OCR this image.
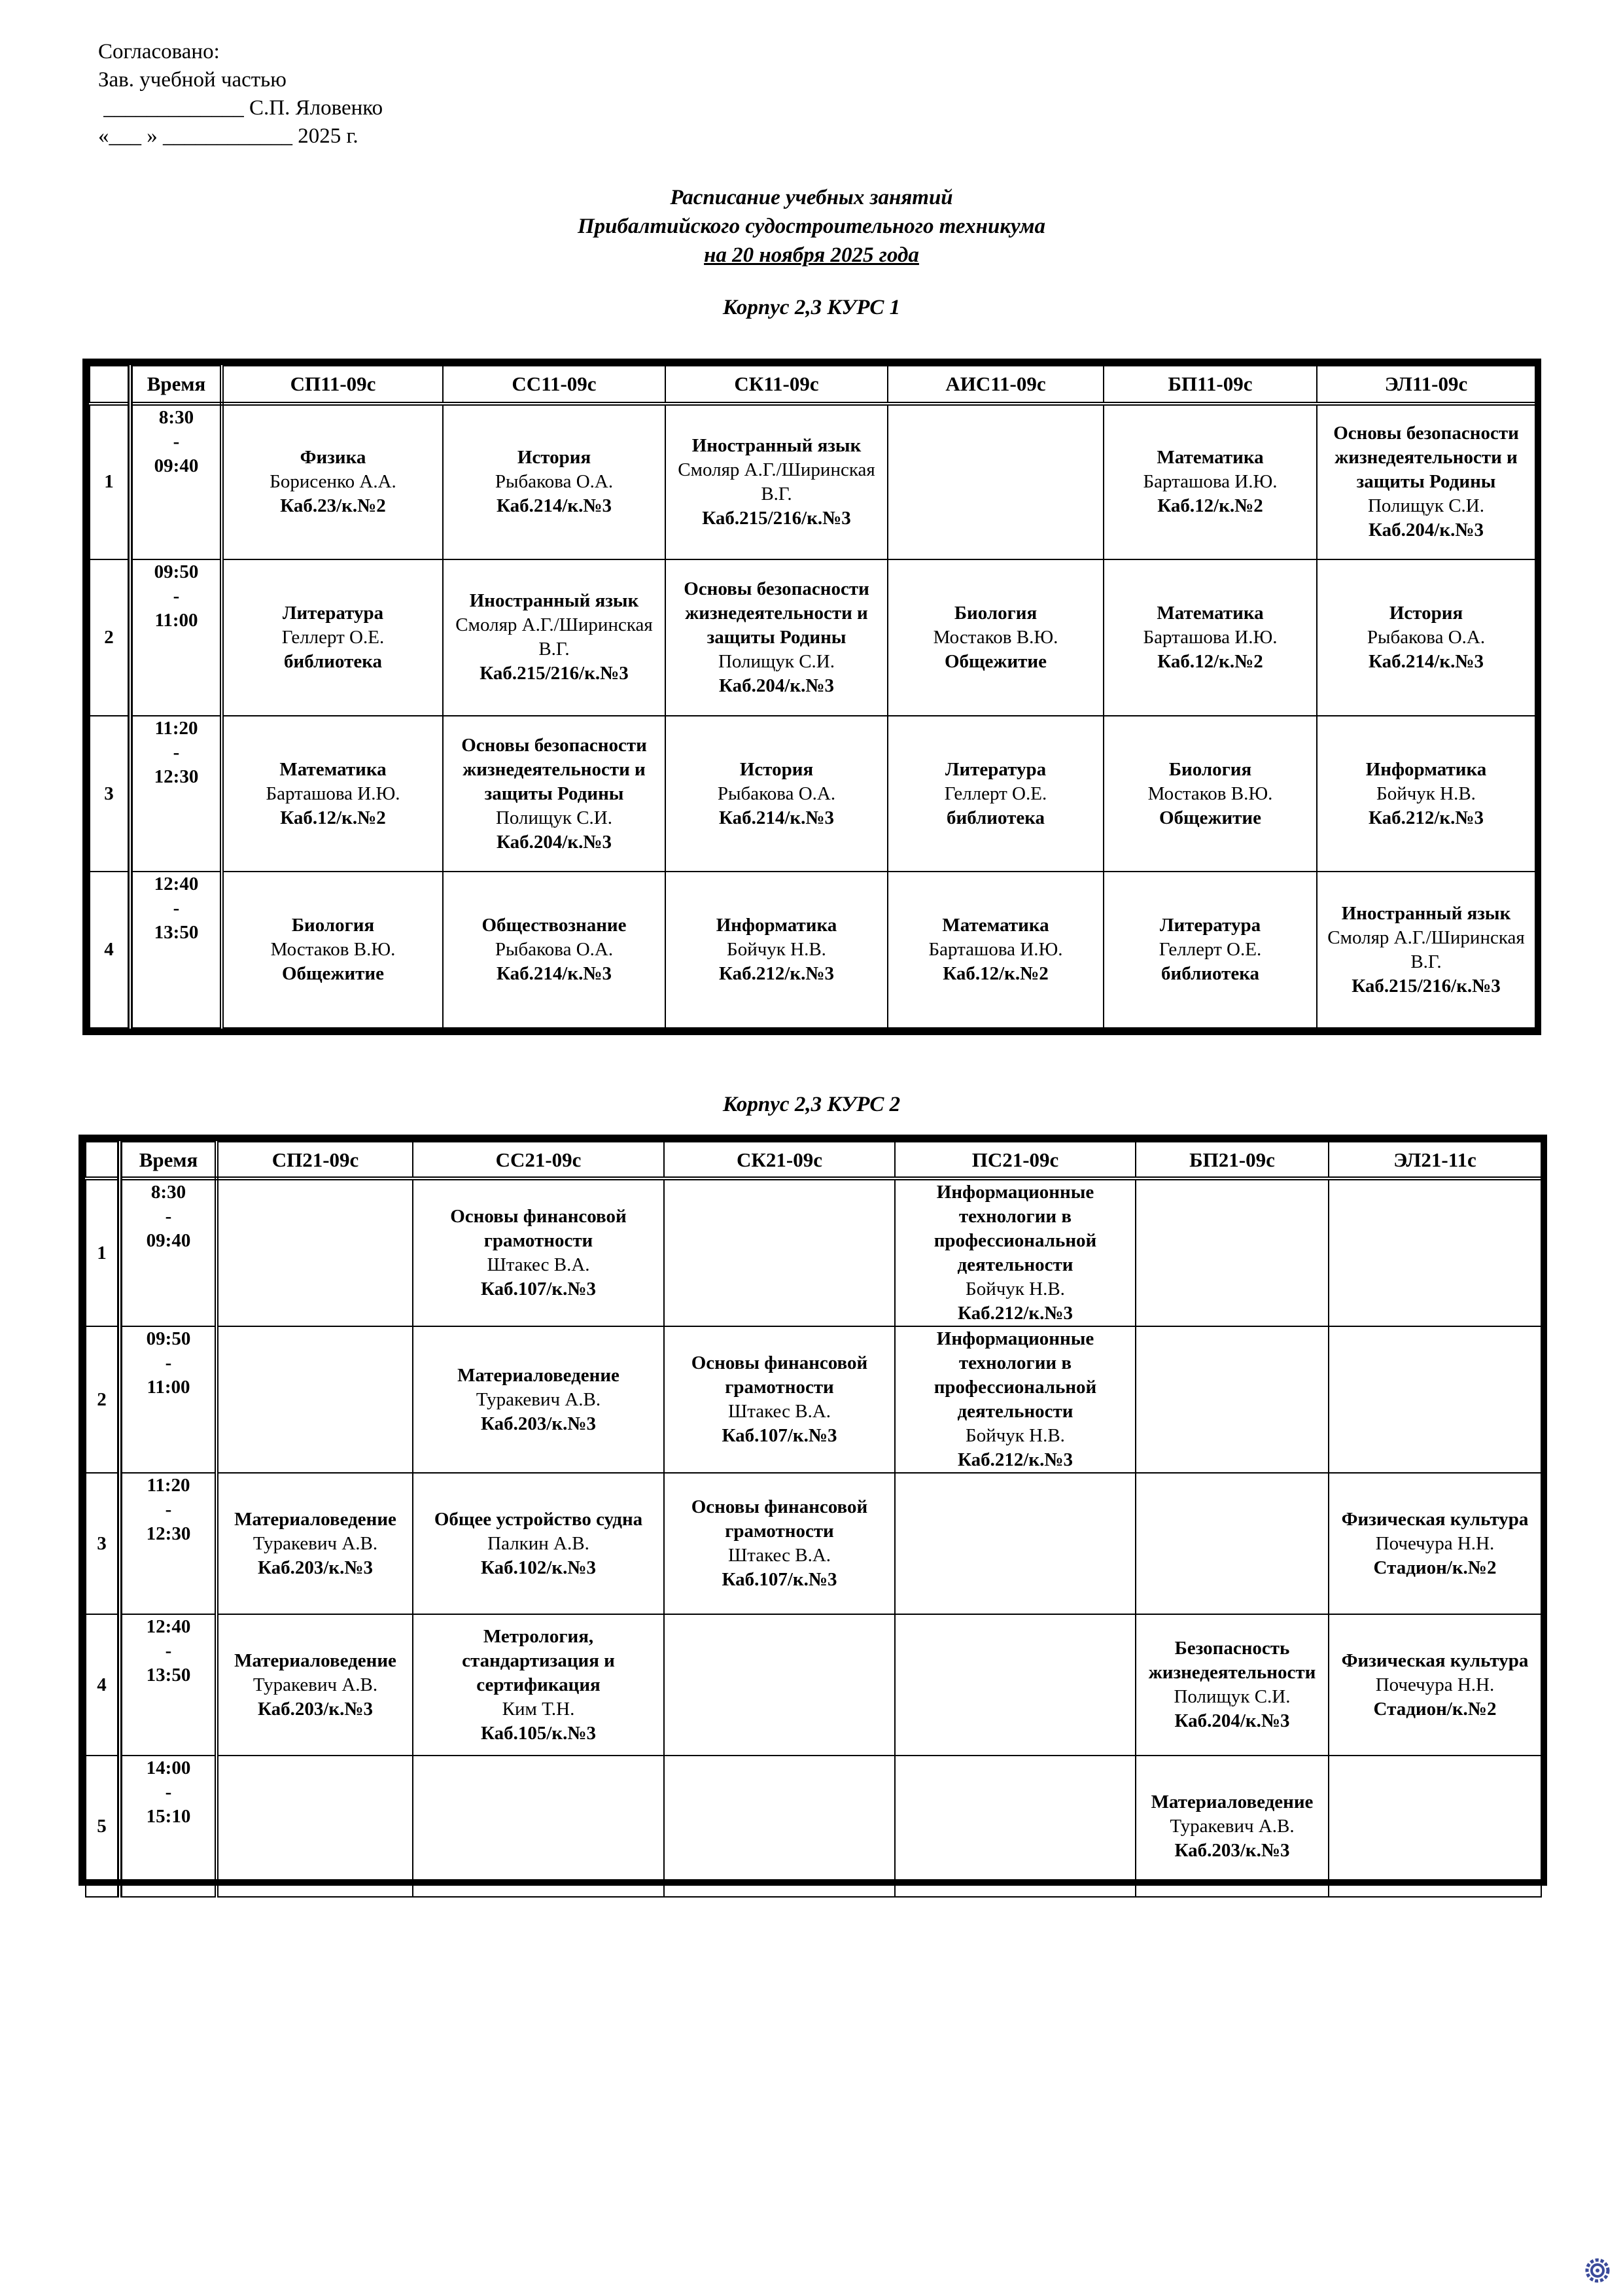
Согласовано:
Зав. учебной частью
_____________ С.П. Яловенко
«___ » ____________ 2025 г.
Расписание учебных занятий
Прибалтийского судостроительного техникума
на 20 ноября 2025 года
Корпус 2,3 КУРС 1
	Время	СП11-09с	СС11-09с	СК11-09с	АИС11-09с	БП11-09с	ЭЛ11-09с
1	8:30
-
09:40	Физика
Борисенко А.А.
Каб.23/к.№2	История
Рыбакова О.А.
Каб.214/к.№3	Иностранный язык
Смоляр А.Г./Ширинская В.Г.
Каб.215/216/к.№3		Математика
Барташова И.Ю.
Каб.12/к.№2	Основы безопасности жизнедеятельности и защиты Родины
Полищук С.И.
Каб.204/к.№3

2	09:50
-
11:00	Литература
Геллерт О.Е.
библиотека	Иностранный язык
Смоляр А.Г./Ширинская В.Г.
Каб.215/216/к.№3	Основы безопасности жизнедеятельности и защиты Родины
Полищук С.И.
Каб.204/к.№3	Биология
Мостаков В.Ю.
Общежитие	Математика
Барташова И.Ю.
Каб.12/к.№2	История
Рыбакова О.А.
Каб.214/к.№3

3	11:20
-
12:30	Математика
Барташова И.Ю.
Каб.12/к.№2	Основы безопасности жизнедеятельности и защиты Родины
Полищук С.И.
Каб.204/к.№3	История
Рыбакова О.А.
Каб.214/к.№3	Литература
Геллерт О.Е.
библиотека	Биология
Мостаков В.Ю.
Общежитие	Информатика
Бойчук Н.В.
Каб.212/к.№3

4	12:40
-
13:50	Биология
Мостаков В.Ю.
Общежитие	Обществознание
Рыбакова О.А.
Каб.214/к.№3	Информатика
Бойчук Н.В.
Каб.212/к.№3	Математика
Барташова И.Ю.
Каб.12/к.№2	Литература
Геллерт О.Е.
библиотека	Иностранный язык
Смоляр А.Г./Ширинская В.Г.
Каб.215/216/к.№3
Корпус 2,3 КУРС 2
	Время	СП21-09с	СС21-09с	СК21-09с	ПС21-09с	БП21-09с	ЭЛ21-11с
1	8:30
-
09:40		Основы финансовой грамотности
Штакес В.А.
Каб.107/к.№3		Информационные технологии в профессиональной деятельности
Бойчук Н.В.
Каб.212/к.№3		

2	09:50
-
11:00		Материаловедение
Туракевич А.В.
Каб.203/к.№3	Основы финансовой грамотности
Штакес В.А.
Каб.107/к.№3	Информационные технологии в профессиональной деятельности
Бойчук Н.В.
Каб.212/к.№3		

3	11:20
-
12:30	Материаловедение
Туракевич А.В.
Каб.203/к.№3	Общее устройство судна
Палкин А.В.
Каб.102/к.№3	Основы финансовой грамотности
Штакес В.А.
Каб.107/к.№3			Физическая культура
Почечура Н.Н.
Стадион/к.№2

4	12:40
-
13:50	Материаловедение
Туракевич А.В.
Каб.203/к.№3	Метрология, стандартизация и сертификация
Ким Т.Н.
Каб.105/к.№3			Безопасность жизнедеятельности
Полищук С.И.
Каб.204/к.№3	Физическая культура
Почечура Н.Н.
Стадион/к.№2

5	14:00
-
15:10					Материаловедение
Туракевич А.В.
Каб.203/к.№3	
